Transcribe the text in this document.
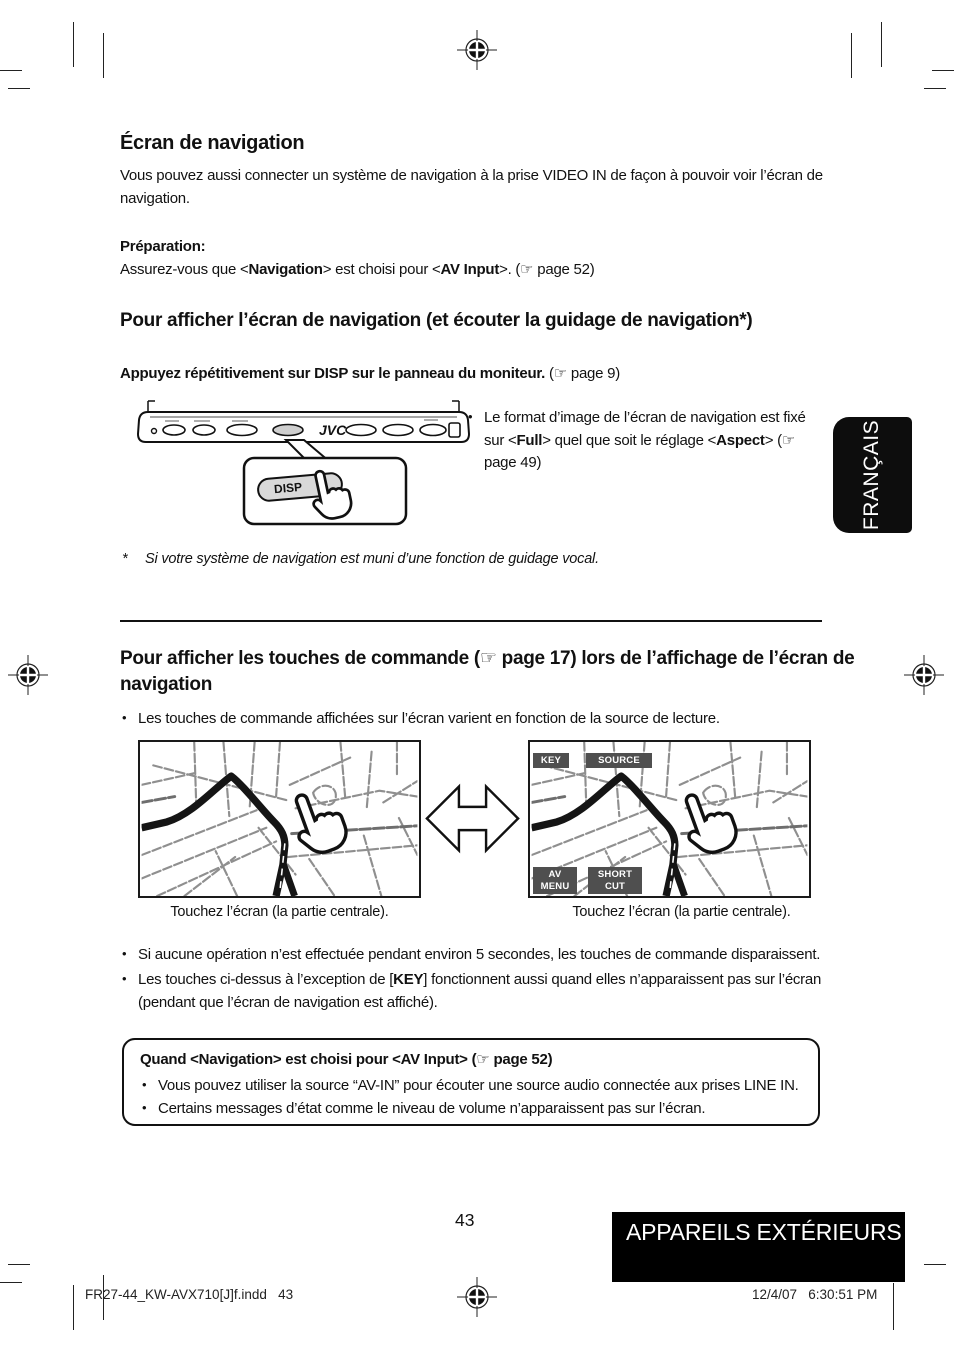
Écran de navigation

Vous pouvez aussi connecter un système de navigation à la prise VIDEO IN de façon à pouvoir voir l’écran de navigation.

Préparation:

Assurez-vous que <Navigation> est choisi pour <AV Input>. (☞ page 52)

Pour afficher l’écran de navigation (et écouter la guidage de navigation*)

Appuyez répétitivement sur DISP sur le panneau du moniteur. (☞ page 9)

JVC
DISP
• Le format d’image de l’écran de navigation est fixé sur <Full> quel que soit le réglage <Aspect> (☞ page 49)	FRANÇAIS
*	Si votre système de navigation est muni d’une fonction de guidage vocal.
Pour afficher les touches de commande (☞ page 17) lors de l’affichage de l’écran de navigation
• Les touches de commande affichées sur l’écran varient en fonction de la source de lecture.

KEY	SOURCE
AV
MENU
SHORT
CUT

Touchez l’écran (la partie centrale).	Touchez l’écran (la partie centrale).

• Si aucune opération n’est effectuée pendant environ 5 secondes, les touches de commande disparaissent.

• Les touches ci-dessus à l’exception de [KEY] fonctionnent aussi quand elles n’apparaissent pas sur l’écran (pendant que l’écran de navigation est affiché).

Quand <Navigation> est choisi pour <AV Input> (☞ page 52)

• Vous pouvez utiliser la source “AV-IN” pour écouter une source audio connectée aux prises LINE IN.

• Certains messages d’état comme le niveau de volume n’apparaissent pas sur l’écran.

43	APPAREILS EXTÉRIEURS

FR27-44_KW-AVX710[J]f.indd   43	12/4/07   6:30:51 PM
